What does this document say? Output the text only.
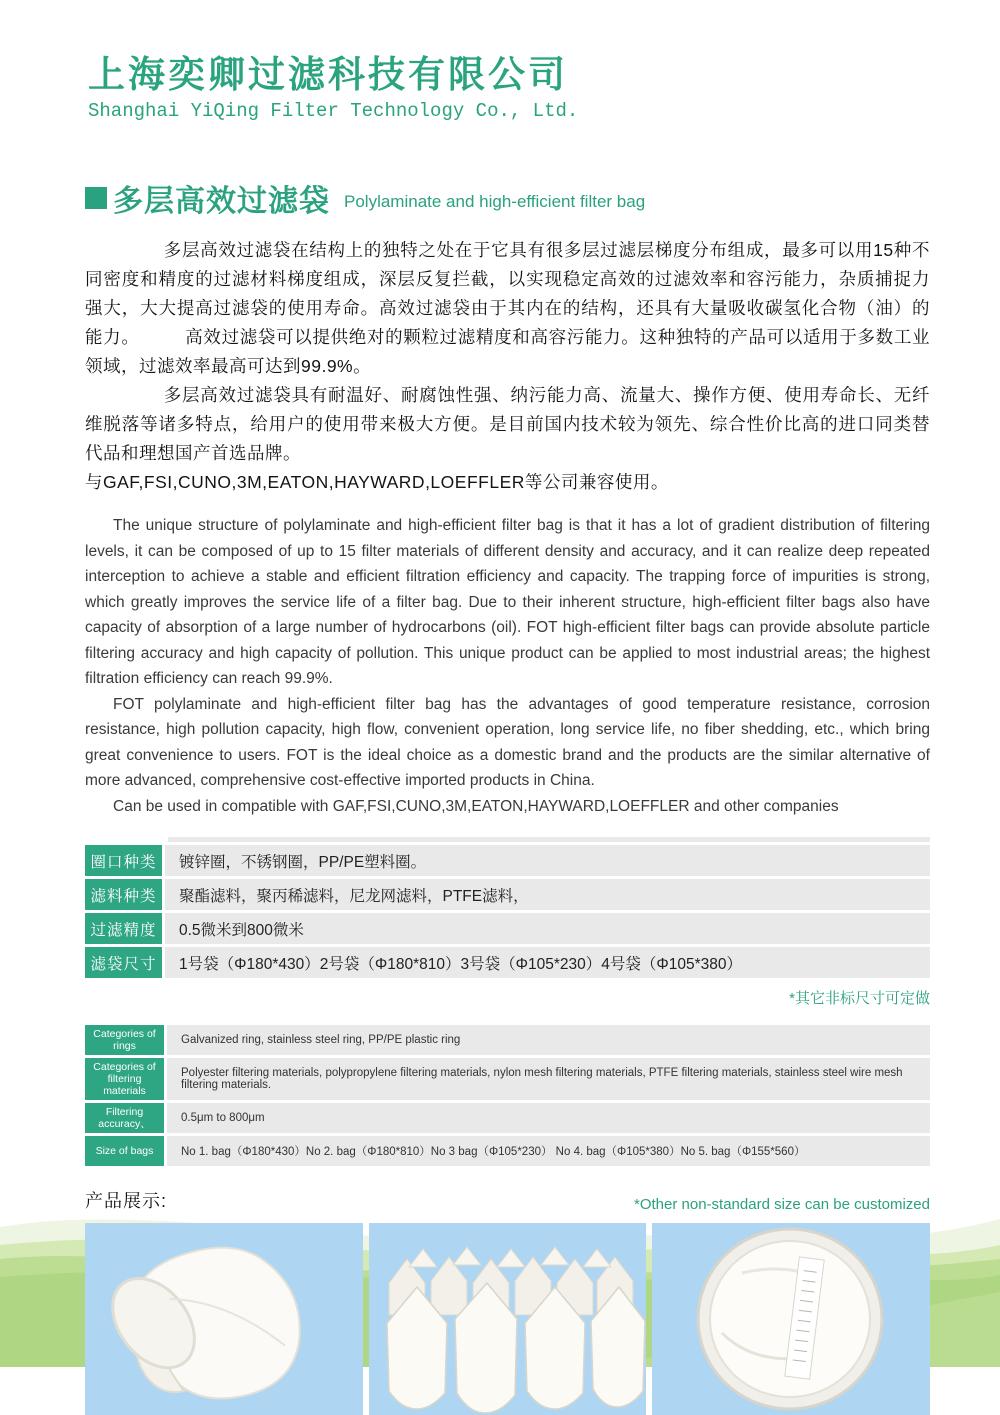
上海奕卿过滤科技有限公司
Shanghai YiQing Filter Technology Co., Ltd.
多层高效过滤袋 Polylaminate and high-efficient filter bag

多层高效过滤袋在结构上的独特之处在于它具有很多层过滤层梯度分布组成，最多可以用15种不同密度和精度的过滤材料梯度组成，深层反复拦截，以实现稳定高效的过滤效率和容污能力，杂质捕捉力强大，大大提高过滤袋的使用寿命。高效过滤袋由于其内在的结构，还具有大量吸收碳氢化合物（油）的能力。　　　高效过滤袋可以提供绝对的颗粒过滤精度和高容污能力。这种独特的产品可以适用于多数工业领域，过滤效率最高可达到99.9%。

多层高效过滤袋具有耐温好、耐腐蚀性强、纳污能力高、流量大、操作方便、使用寿命长、无纤维脱落等诸多特点，给用户的使用带来极大方便。是目前国内技术较为领先、综合性价比高的进口同类替代品和理想国产首选品牌。

与GAF,FSI,CUNO,3M,EATON,HAYWARD,LOEFFLER等公司兼容使用。

The unique structure of polylaminate and high-efficient filter bag is that it has a lot of gradient distribution of filtering levels, it can be composed of up to 15 filter materials of different density and accuracy, and it can realize deep repeated interception to achieve a stable and efficient filtration efficiency and capacity. The trapping force of impurities is strong, which greatly improves the service life of a filter bag. Due to their inherent structure, high-efficient filter bags also have capacity of absorption of a large number of hydrocarbons (oil). FOT high-efficient filter bags can provide absolute particle filtering accuracy and high capacity of pollution. This unique product can be applied to most industrial areas; the highest filtration efficiency can reach 99.9%.

FOT polylaminate and high-efficient filter bag has the advantages of good temperature resistance, corrosion resistance, high pollution capacity, high flow, convenient operation, long service life, no fiber shedding, etc., which bring great convenience to users. FOT is the ideal choice as a domestic brand and the products are the similar alternative of more advanced, comprehensive cost-effective imported products in China.

Can be used in compatible with GAF,FSI,CUNO,3M,EATON,HAYWARD,LOEFFLER and other companies

圈口种类	镀锌圈，不锈钢圈，PP/PE塑料圈。
滤料种类	聚酯滤料，聚丙稀滤料，尼龙网滤料，PTFE滤料，
过滤精度	0.5微米到800微米
滤袋尺寸	1号袋（Φ180*430）2号袋（Φ180*810）3号袋（Φ105*230）4号袋（Φ105*380）
*其它非标尺寸可定做
Categories of rings	Galvanized ring, stainless steel ring, PP/PE plastic ring
Categories of filtering materials	Polyester filtering materials, polypropylene filtering materials, nylon mesh filtering materials, PTFE filtering materials, stainless steel wire mesh filtering materials.
Filtering accuracy、	0.5μm to 800μm
Size of bags	No 1. bag（Φ180*430）No 2. bag（Φ180*810）No 3 bag（Φ105*230） No 4. bag（Φ105*380）No 5. bag（Φ155*560）
产品展示:	*Other non-standard size can be customized
